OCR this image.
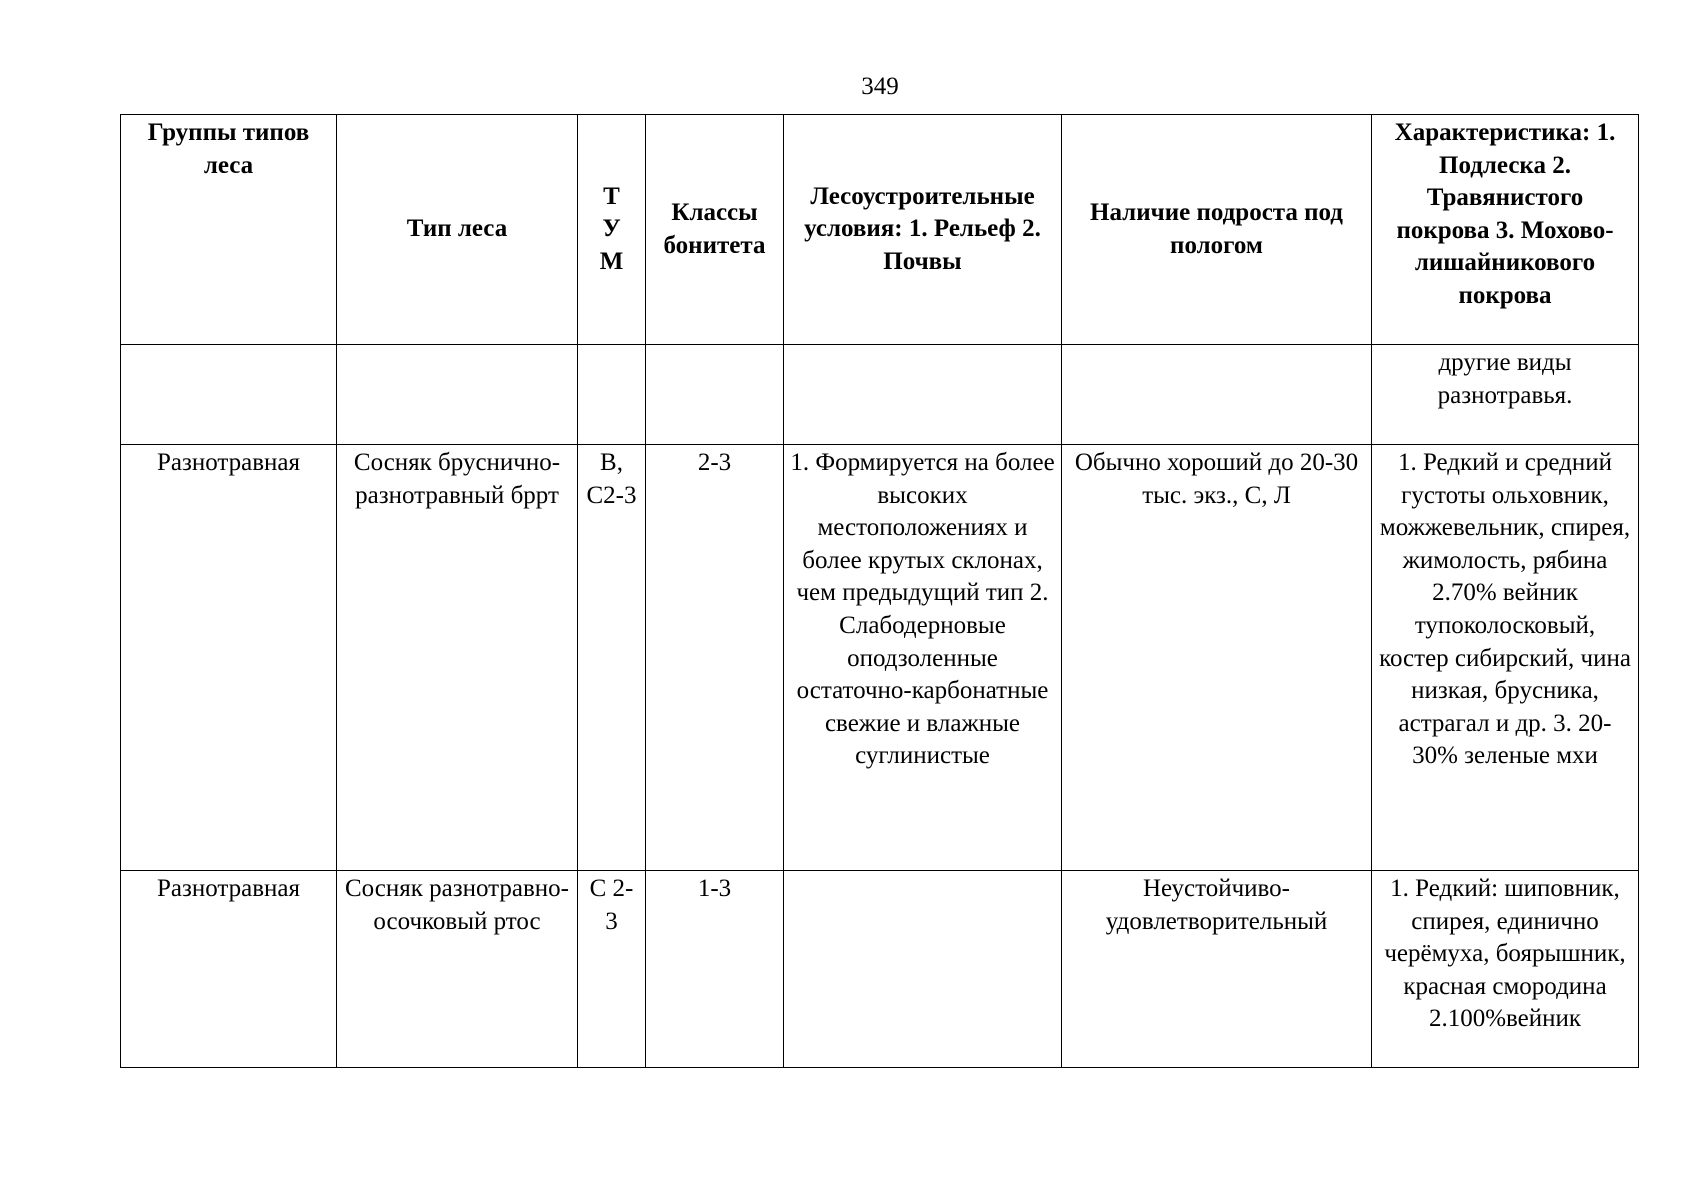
349
Группы типов леса	Тип леса	Т
У
М	Классы бонитета	Лесоустроительные условия: 1. Рельеф 2. Почвы	Наличие подроста под пологом	Характеристика: 1. Подлеска 2. Травянистого покрова 3. Мохово-лишайникового покрова
						другие виды разнотравья.
Разнотравная	Сосняк бруснично-разнотравный бррт	В, С2-3	2-3	1. Формируется на более высоких местоположениях и более крутых склонах, чем предыдущий тип 2. Слабодерновые оподзоленные остаточно-карбонатные свежие и влажные суглинистые	Обычно хороший до 20-30 тыс. экз., С, Л	1. Редкий и средний густоты ольховник, можжевельник, спирея, жимолость, рябина 2.70% вейник тупоколосковый, костер сибирский, чина низкая, брусника, астрагал и др. 3. 20-30% зеленые мхи
Разнотравная	Сосняк разнотравно-осочковый ртос	С 2-3	1-3		Неустойчиво-удовлетворительный	1. Редкий: шиповник, спирея, единично черёмуха, боярышник, красная смородина 2.100%вейник
